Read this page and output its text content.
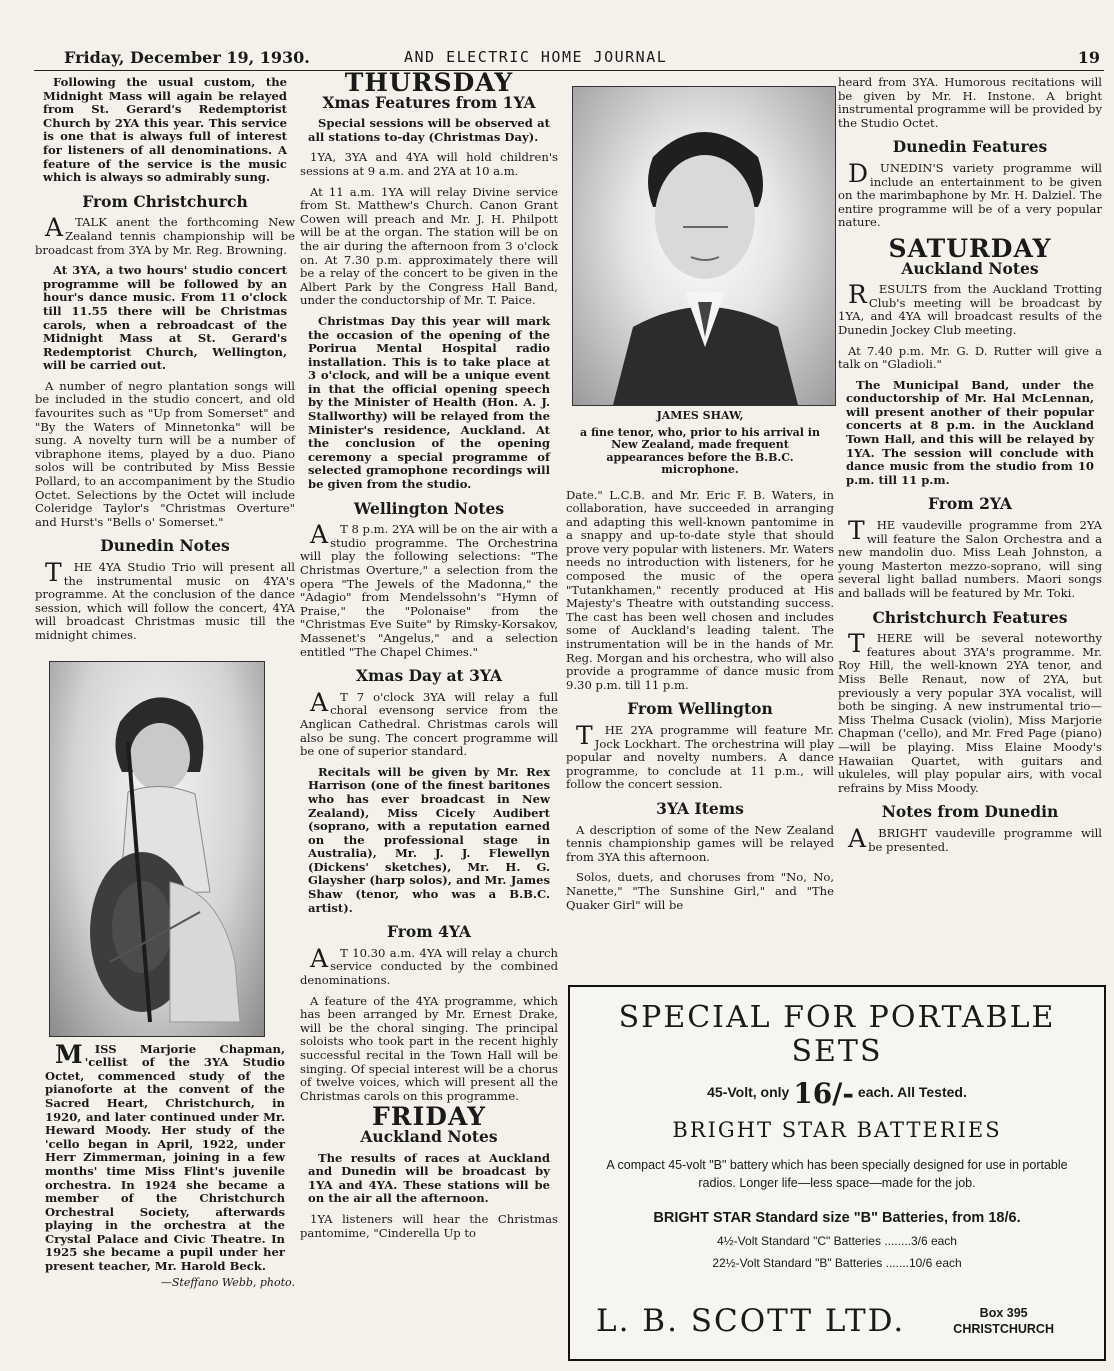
Friday, December 19, 1930.	AND ELECTRIC HOME JOURNAL	19

Following the usual custom, the Midnight Mass will again be relayed from St. Gerard's Redemptorist Church by 2YA this year. This service is one that is always full of interest for listeners of all denominations. A feature of the service is the music which is always so admirably sung.

From Christchurch

ATALK anent the forthcoming New Zealand tennis championship will be broadcast from 3YA by Mr. Reg. Browning.

At 3YA, a two hours' studio concert programme will be followed by an hour's dance music. From 11 o'clock till 11.55 there will be Christmas carols, when a rebroadcast of the Midnight Mass at St. Gerard's Redemptorist Church, Wellington, will be carried out.

A number of negro plantation songs will be included in the studio concert, and old favourites such as "Up from Somerset" and "By the Waters of Minnetonka" will be sung. A novelty turn will be a number of vibraphone items, played by a duo. Piano solos will be contributed by Miss Bessie Pollard, to an accompaniment by the Studio Octet. Selections by the Octet will include Coleridge Taylor's "Christmas Overture" and Hurst's "Bells o' Somerset."

Dunedin Notes

THE 4YA Studio Trio will present all the instrumental music on 4YA's programme. At the conclusion of the dance session, which will follow the concert, 4YA will broadcast Christmas music till the midnight chimes.

MISS Marjorie Chapman, 'cellist of the 3YA Studio Octet, commenced study of the pianoforte at the convent of the Sacred Heart, Christchurch, in 1920, and later continued under Mr. Heward Moody. Her study of the 'cello began in April, 1922, under Herr Zimmerman, joining in a few months' time Miss Flint's juvenile orchestra. In 1924 she became a member of the Christchurch Orchestral Society, afterwards playing in the orchestra at the Crystal Palace and Civic Theatre. In 1925 she became a pupil under her present teacher, Mr. Harold Beck.

—Steffano Webb, photo.
THURSDAY
Xmas Features from 1YA

Special sessions will be observed at all stations to-day (Christmas Day).

1YA, 3YA and 4YA will hold children's sessions at 9 a.m. and 2YA at 10 a.m.

At 11 a.m. 1YA will relay Divine service from St. Matthew's Church. Canon Grant Cowen will preach and Mr. J. H. Philpott will be at the organ. The station will be on the air during the afternoon from 3 o'clock on. At 7.30 p.m. approximately there will be a relay of the concert to be given in the Albert Park by the Congress Hall Band, under the conductorship of Mr. T. Paice.

Christmas Day this year will mark the occasion of the opening of the Porirua Mental Hospital radio installation. This is to take place at 3 o'clock, and will be a unique event in that the official opening speech by the Minister of Health (Hon. A. J. Stallworthy) will be relayed from the Minister's residence, Auckland. At the conclusion of the opening ceremony a special programme of selected gramophone recordings will be given from the studio.

Wellington Notes

AT 8 p.m. 2YA will be on the air with a studio programme. The Orchestrina will play the following selections: "The Christmas Overture," a selection from the opera "The Jewels of the Madonna," the "Adagio" from Mendelssohn's "Hymn of Praise," the "Polonaise" from the "Christmas Eve Suite" by Rimsky-Korsakov, Massenet's "Angelus," and a selection entitled "The Chapel Chimes."

Xmas Day at 3YA

AT 7 o'clock 3YA will relay a full choral evensong service from the Anglican Cathedral. Christmas carols will also be sung. The concert programme will be one of superior standard.

Recitals will be given by Mr. Rex Harrison (one of the finest baritones who has ever broadcast in New Zealand), Miss Cicely Audibert (soprano, with a reputation earned on the professional stage in Australia), Mr. J. J. Flewellyn (Dickens' sketches), Mr. H. G. Glaysher (harp solos), and Mr. James Shaw (tenor, who was a B.B.C. artist).

From 4YA

AT 10.30 a.m. 4YA will relay a church service conducted by the combined denominations.

A feature of the 4YA programme, which has been arranged by Mr. Ernest Drake, will be the choral singing. The principal soloists who took part in the recent highly successful recital in the Town Hall will be singing. Of special interest will be a chorus of twelve voices, which will present all the Christmas carols on this programme.

FRIDAY
Auckland Notes

The results of races at Auckland and Dunedin will be broadcast by 1YA and 4YA. These stations will be on the air all the afternoon.

1YA listeners will hear the Christmas pantomime, "Cinderella Up to

JAMES SHAW,
a fine tenor, who, prior to his arrival in New Zealand, made frequent appearances before the B.B.C. microphone.

Date." L.C.B. and Mr. Eric F. B. Waters, in collaboration, have succeeded in arranging and adapting this well-known pantomime in a snappy and up-to-date style that should prove very popular with listeners. Mr. Waters needs no introduction with listeners, for he composed the music of the opera "Tutankhamen," recently produced at His Majesty's Theatre with outstanding success. The cast has been well chosen and includes some of Auckland's leading talent. The instrumentation will be in the hands of Mr. Reg. Morgan and his orchestra, who will also provide a programme of dance music from 9.30 p.m. till 11 p.m.

From Wellington

THE 2YA programme will feature Mr. Jock Lockhart. The orchestrina will play popular and novelty numbers. A dance programme, to conclude at 11 p.m., will follow the concert session.

3YA Items

A description of some of the New Zealand tennis championship games will be relayed from 3YA this afternoon.

Solos, duets, and choruses from "No, No, Nanette," "The Sunshine Girl," and "The Quaker Girl" will be

heard from 3YA. Humorous recitations will be given by Mr. H. Instone. A bright instrumental programme will be provided by the Studio Octet.

Dunedin Features

DUNEDIN'S variety programme will include an entertainment to be given on the marimbaphone by Mr. H. Dalziel. The entire programme will be of a very popular nature.

SATURDAY
Auckland Notes

RESULTS from the Auckland Trotting Club's meeting will be broadcast by 1YA, and 4YA will broadcast results of the Dunedin Jockey Club meeting.

At 7.40 p.m. Mr. G. D. Rutter will give a talk on "Gladioli."

The Municipal Band, under the conductorship of Mr. Hal McLennan, will present another of their popular concerts at 8 p.m. in the Auckland Town Hall, and this will be relayed by 1YA. The session will conclude with dance music from the studio from 10 p.m. till 11 p.m.

From 2YA

THE vaudeville programme from 2YA will feature the Salon Orchestra and a new mandolin duo. Miss Leah Johnston, a young Masterton mezzo-soprano, will sing several light ballad numbers. Maori songs and ballads will be featured by Mr. Toki.

Christchurch Features

THERE will be several noteworthy features about 3YA's programme. Mr. Roy Hill, the well-known 2YA tenor, and Miss Belle Renaut, now of 2YA, but previously a very popular 3YA vocalist, will both be singing. A new instrumental trio—Miss Thelma Cusack (violin), Miss Marjorie Chapman ('cello), and Mr. Fred Page (piano)—will be playing. Miss Elaine Moody's Hawaiian Quartet, with guitars and ukuleles, will play popular airs, with vocal refrains by Miss Moody.

Notes from Dunedin

ABRIGHT vaudeville programme will be presented.

SPECIAL FOR PORTABLE SETS
45-Volt, only 16/- each. All Tested.
BRIGHT STAR BATTERIES
A compact 45-volt "B" battery which has been specially designed for use in portable radios. Longer life—less space—made for the job.
BRIGHT STAR Standard size "B" Batteries, from 18/6.
4½-Volt Standard "C" Batteries ........3/6 each
22½-Volt Standard "B" Batteries .......10/6 each
L. B. SCOTT LTD.	Box 395
CHRISTCHURCH
